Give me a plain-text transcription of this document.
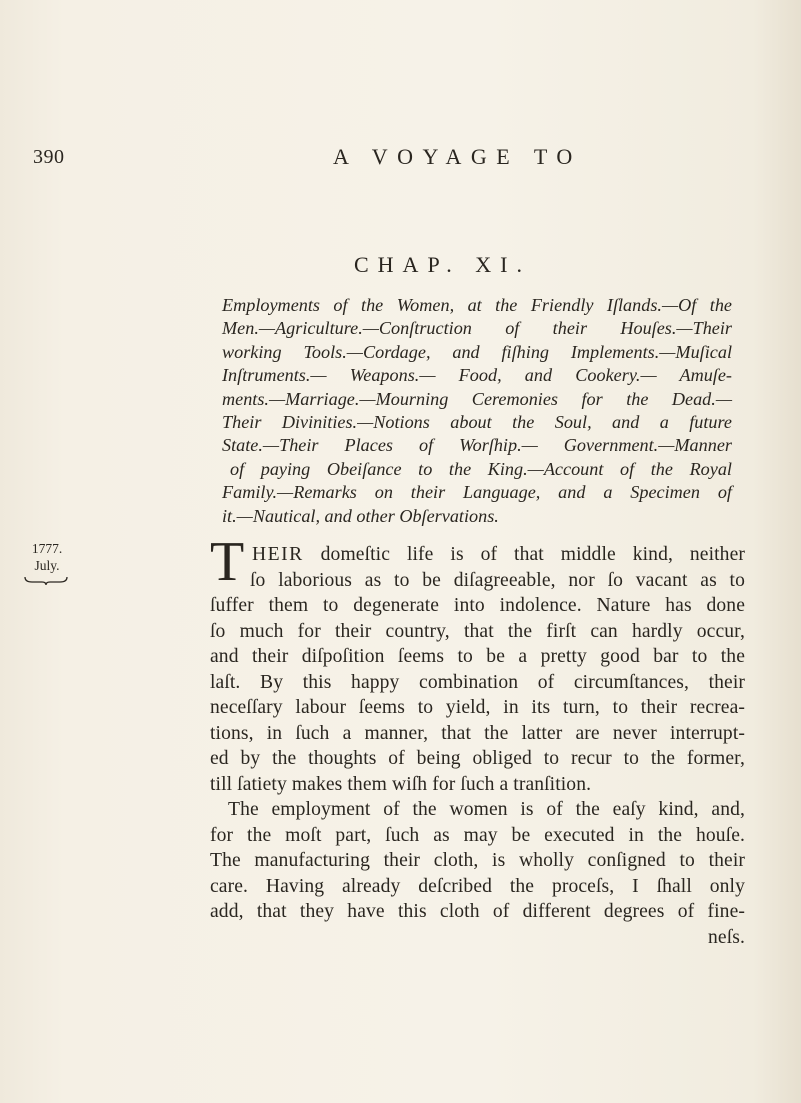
390	A VOYAGE TO
CHAP. XI.
Employments of the Women, at the Friendly Iſlands.—Of the
Men.—Agriculture.—Conſtruction of their Houſes.—Their
working Tools.—Cordage, and fiſhing Implements.—Muſical
Inſtruments.— Weapons.— Food, and Cookery.— Amuſe-
ments.—Marriage.—Mourning Ceremonies for the Dead.—
Their Divinities.—Notions about the Soul, and a future
State.—Their Places of Worſhip.— Government.—Manner
of paying Obeiſance to the King.—Account of the Royal
Family.—Remarks on their Language, and a Specimen of
it.—Nautical, and other Obſervations.
1777.
July.	T HEIR domeſtic life is of that middle kind, neither
ſo laborious as to be diſagreeable, nor ſo vacant as to
ſuffer them to degenerate into indolence. Nature has done
ſo much for their country, that the firſt can hardly occur,
and their diſpoſition ſeems to be a pretty good bar to the
laſt. By this happy combination of circumſtances, their
neceſſary labour ſeems to yield, in its turn, to their recrea-
tions, in ſuch a manner, that the latter are never interrupt-
ed by the thoughts of being obliged to recur to the former,
till ſatiety makes them wiſh for ſuch a tranſition.
The employment of the women is of the eaſy kind, and,
for the moſt part, ſuch as may be executed in the houſe.
The manufacturing their cloth, is wholly conſigned to their
care. Having already deſcribed the proceſs, I ſhall only
add, that they have this cloth of different degrees of fine-
neſs.
